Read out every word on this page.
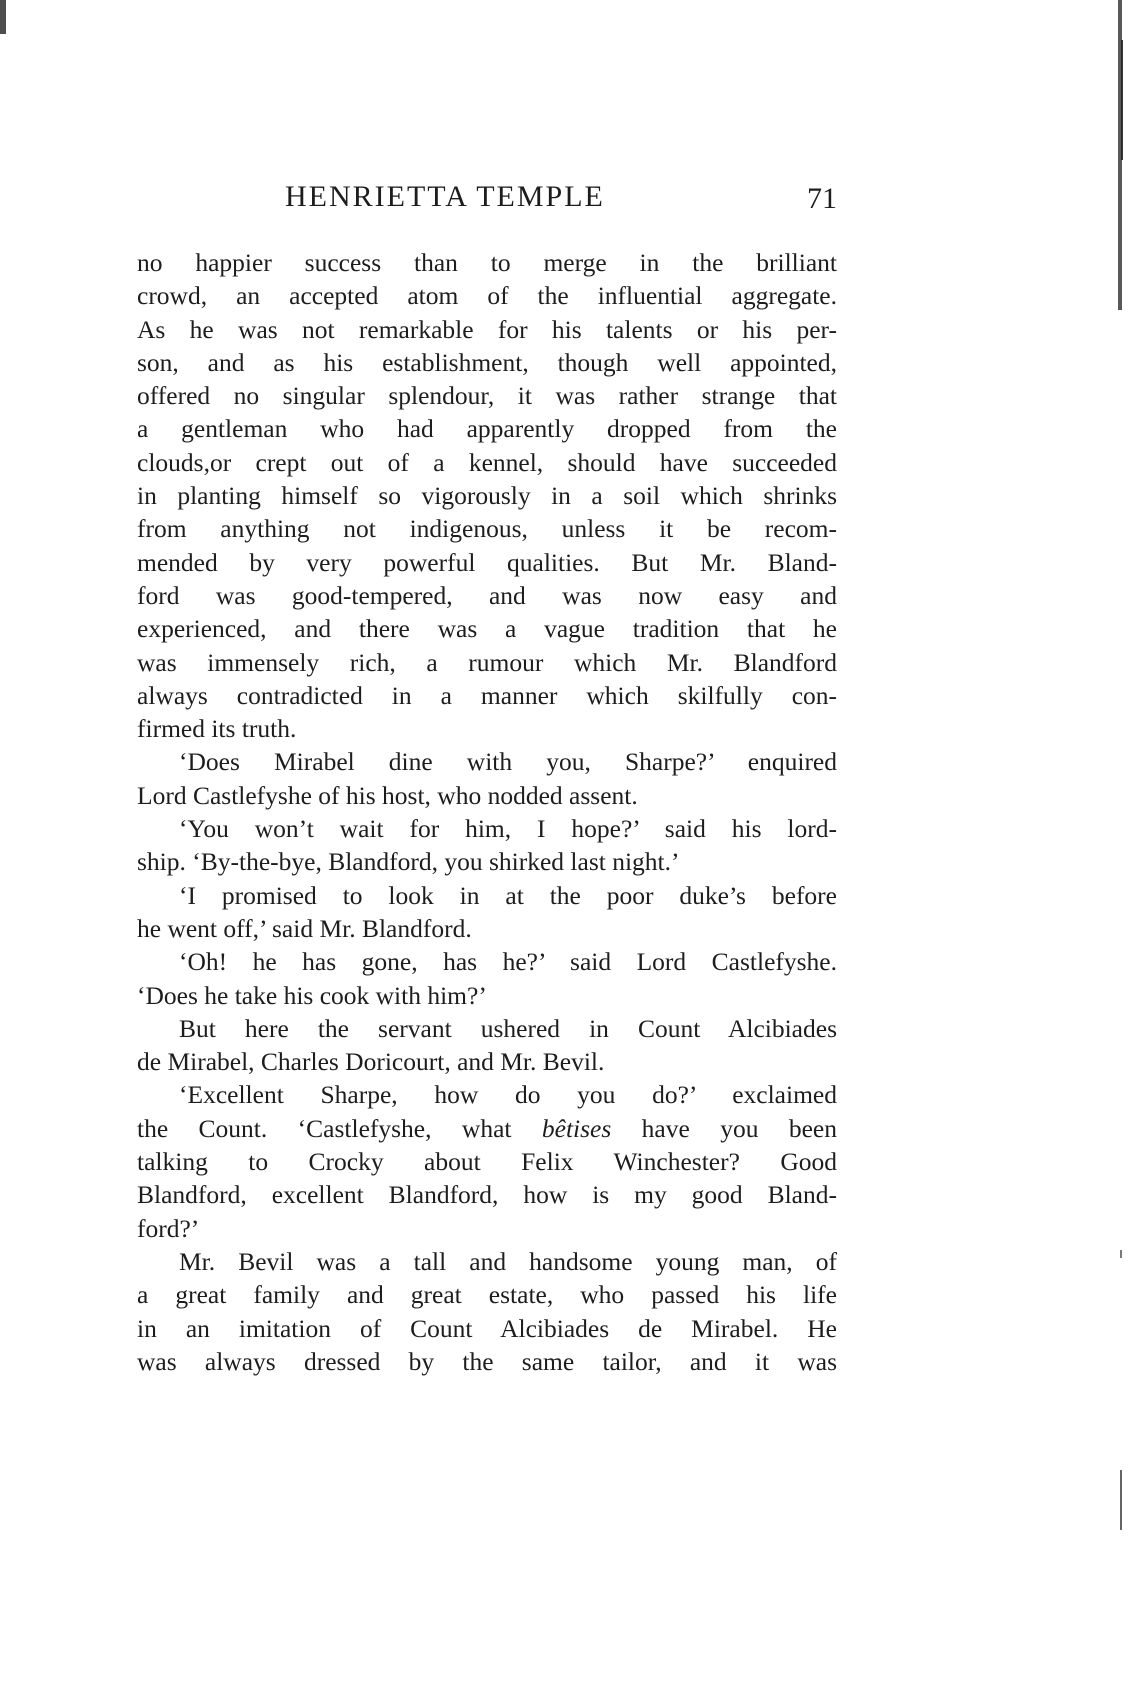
HENRIETTA TEMPLE	71
no happier success than to merge in the brilliant
crowd, an accepted atom of the influential aggregate.
As he was not remarkable for his talents or his per-
son, and as his establishment, though well appointed,
offered no singular splendour, it was rather strange that
a gentleman who had apparently dropped from the
clouds,or crept out of a kennel, should have succeeded
in planting himself so vigorously in a soil which shrinks
from anything not indigenous, unless it be recom-
mended by very powerful qualities. But Mr. Bland-
ford was good-tempered, and was now easy and
experienced, and there was a vague tradition that he
was immensely rich, a rumour which Mr. Blandford
always contradicted in a manner which skilfully con-
firmed its truth.
‘Does Mirabel dine with you, Sharpe?’ enquired
Lord Castlefyshe of his host, who nodded assent.
‘You won’t wait for him, I hope?’ said his lord-
ship. ‘By-the-bye, Blandford, you shirked last night.’
‘I promised to look in at the poor duke’s before
he went off,’ said Mr. Blandford.
‘Oh! he has gone, has he?’ said Lord Castlefyshe.
‘Does he take his cook with him?’
But here the servant ushered in Count Alcibiades
de Mirabel, Charles Doricourt, and Mr. Bevil.
‘Excellent Sharpe, how do you do?’ exclaimed
the Count. ‘Castlefyshe, what bêtises have you been
talking to Crocky about Felix Winchester? Good
Blandford, excellent Blandford, how is my good Bland-
ford?’
Mr. Bevil was a tall and handsome young man, of
a great family and great estate, who passed his life
in an imitation of Count Alcibiades de Mirabel. He
was always dressed by the same tailor, and it was
